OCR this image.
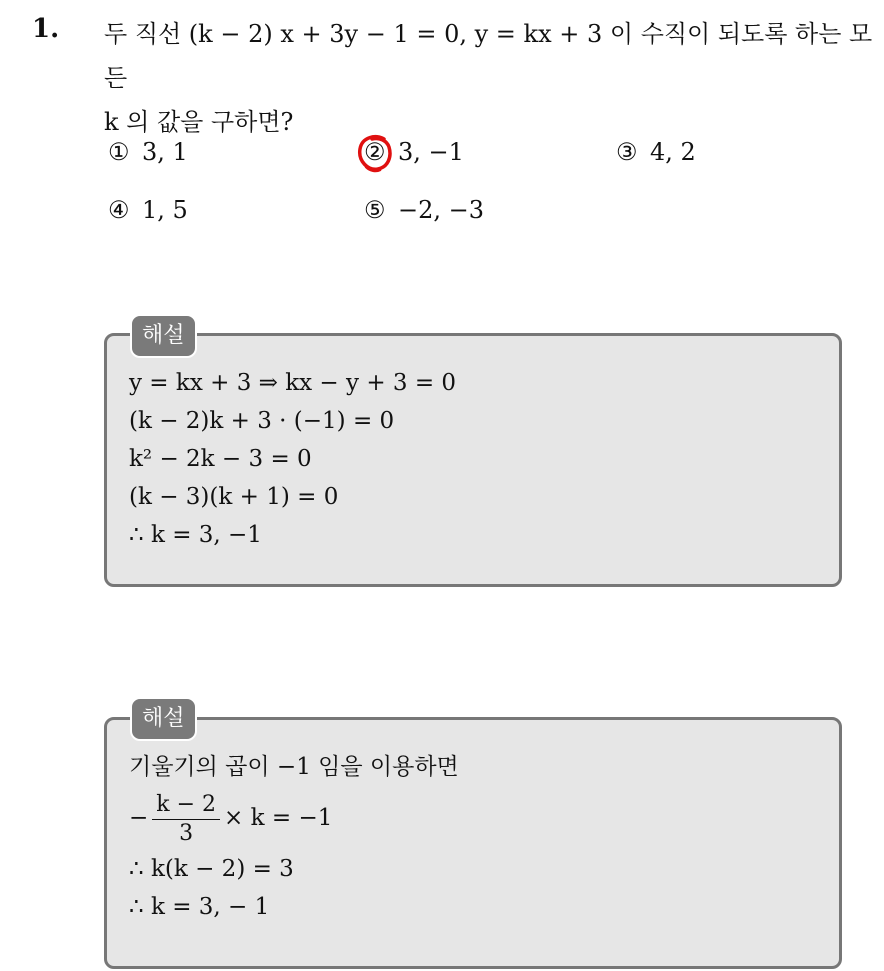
1. 두 직선 (k − 2) x + 3y − 1 = 0, y = kx + 3 이 수직이 되도록 하는 모든
k 의 값을 구하면?
① 3, 1	② 3, −1	③ 4, 2
④ 1, 5	⑤ −2, −3
y = kx + 3 ⇒ kx − y + 3 = 0
(k − 2)k + 3 · (−1) = 0
k² − 2k − 3 = 0
(k − 3)(k + 1) = 0
∴ k = 3, −1
해설
기울기의 곱이 −1 임을 이용하면
− $\frac{k - 2}{3} \times k = -1$
∴ k(k − 2) = 3
∴ k = 3, − 1
해설
